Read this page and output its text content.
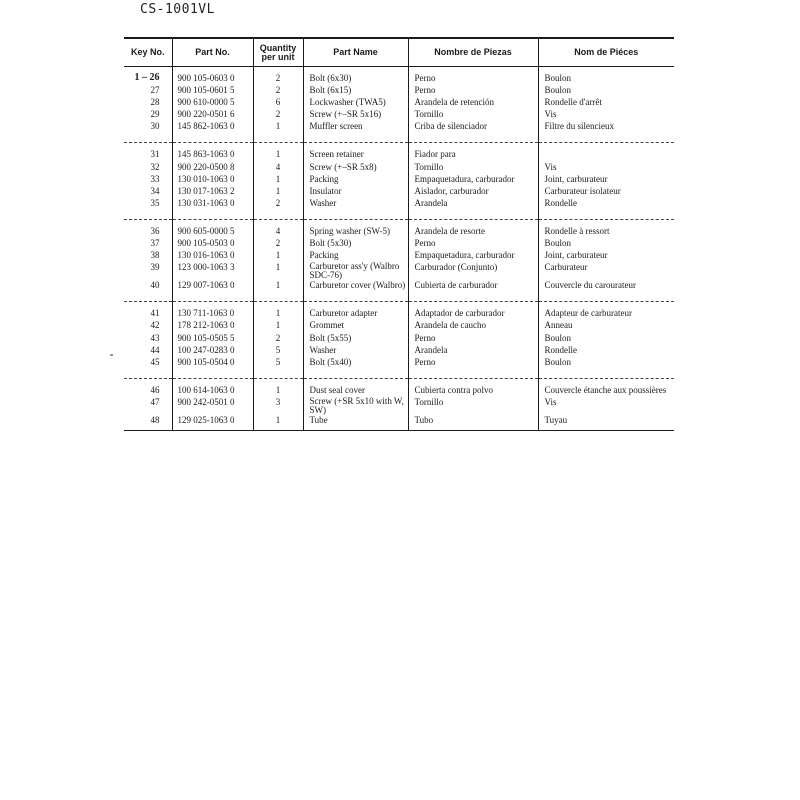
CS-1001VL
Key No.	Part No.	Quantity
per unit	Part Name	Nombre de Piezas	Nom de Piéces

1 – 26	900 105-0603 0	2	Bolt (6x30)	Perno	Boulon
27	900 105-0601 5	2	Bolt (6x15)	Perno	Boulon
28	900 610-0000 5	6	Lockwasher (TWA5)	Arandela de retención	Rondelle d'arrêt
29	900 220-0501 6	2	Screw (+–SR 5x16)	Tornillo	Vis
30	145 862-1063 0	1	Muffler screen	Criba de silenciador	Filtre du silencieux

31	145 863-1063 0	1	Screen retainer	Fiador para	
32	900 220-0500 8	4	Screw (+–SR 5x8)	Tornillo	Vis
33	130 010-1063 0	1	Packing	Empaquetadura, carburador	Joint, carburateur
34	130 017-1063 2	1	Insulator	Aislador, carburador	Carburateur isolateur
35	130 031-1063 0	2	Washer	Arandela	Rondelle

36	900 605-0000 5	4	Spring washer (SW-5)	Arandela de resorte	Rondelle à ressort
37	900 105-0503 0	2	Bolt (5x30)	Perno	Boulon
38	130 016-1063 0	1	Packing	Empaquetadura, carburador	Joint, carburateur
39	123 000-1063 3	1	Carburetor ass'y (Walbro SDC-76)	Carburador (Conjunto)	Carburateur
40	129 007-1063 0	1	Carburetor cover (Walbro)	Cubierta de carburador	Couvercle du carourateur

41	130 711-1063 0	1	Carburetor adapter	Adaptador de carburador	Adapteur de carburateur
42	178 212-1063 0	1	Grommet	Arandela de caucho	Anneau
43	900 105-0505 5	2	Bolt (5x55)	Perno	Boulon
44	100 247-0283 0	5	Washer	Arandela	Rondelle
45	900 105-0504 0	5	Bolt (5x40)	Perno	Boulon

46	100 614-1063 0	1	Dust seal cover	Cubierta contra polvo	Couvercle étanche aux poussières
47	900 242-0501 0	3	Screw (+SR 5x10 with W, SW)	Tornillo	Vis
48	129 025-1063 0	1	Tube	Tubo	Tuyau
